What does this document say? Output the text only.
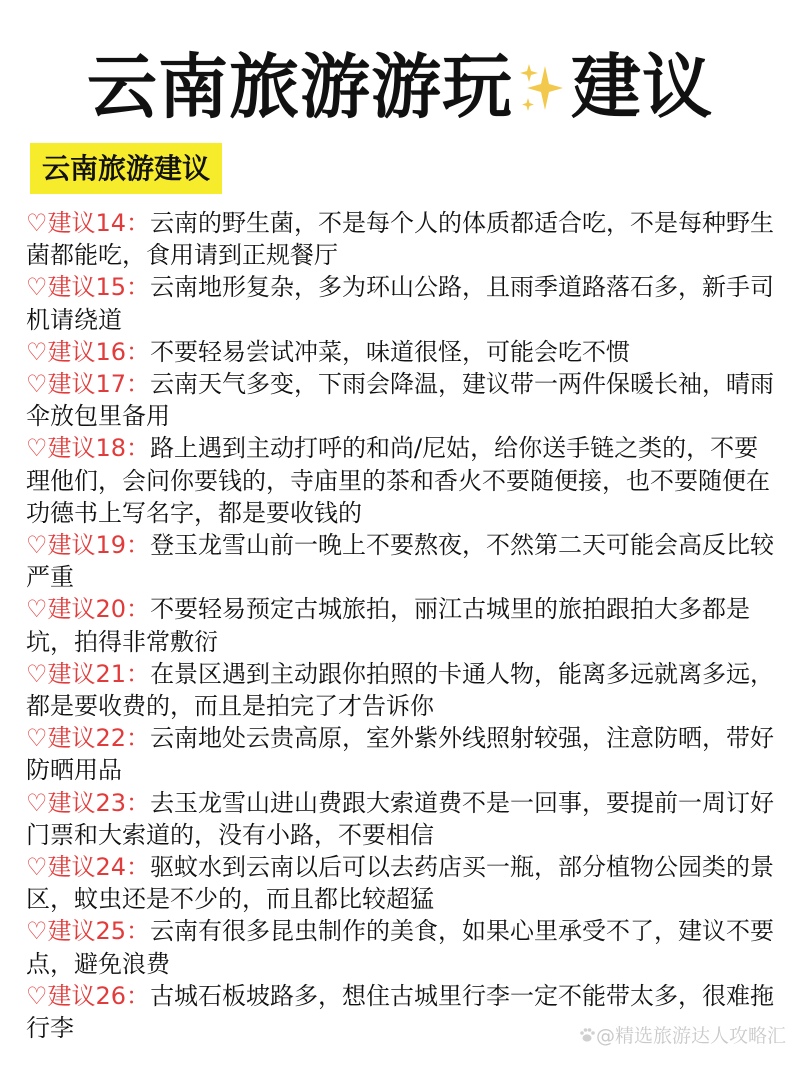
云南旅游游玩 建议
云南旅游建议
♡建议14：云南的野生菌，不是每个人的体质都适合吃，不是每种野生菌都能吃，食用请到正规餐厅
♡建议15：云南地形复杂，多为环山公路，且雨季道路落石多，新手司机请绕道
♡建议16：不要轻易尝试冲菜，味道很怪，可能会吃不惯
♡建议17：云南天气多变，下雨会降温，建议带一两件保暖长袖，晴雨伞放包里备用
♡建议18：路上遇到主动打呼的和尚/尼姑，给你送手链之类的，不要理他们，会问你要钱的，寺庙里的茶和香火不要随便接，也不要随便在功德书上写名字，都是要收钱的
♡建议19：登玉龙雪山前一晚上不要熬夜，不然第二天可能会高反比较严重
♡建议20：不要轻易预定古城旅拍，丽江古城里的旅拍跟拍大多都是坑，拍得非常敷衍
♡建议21：在景区遇到主动跟你拍照的卡通人物，能离多远就离多远，都是要收费的，而且是拍完了才告诉你
♡建议22：云南地处云贵高原，室外紫外线照射较强，注意防晒，带好防晒用品
♡建议23：去玉龙雪山进山费跟大索道费不是一回事，要提前一周订好门票和大索道的，没有小路，不要相信
♡建议24：驱蚊水到云南以后可以去药店买一瓶，部分植物公园类的景区，蚊虫还是不少的，而且都比较超猛
♡建议25：云南有很多昆虫制作的美食，如果心里承受不了，建议不要点，避免浪费
♡建议26：古城石板坡路多，想住古城里行李一定不能带太多，很难拖行李	@精选旅游达人攻略汇
